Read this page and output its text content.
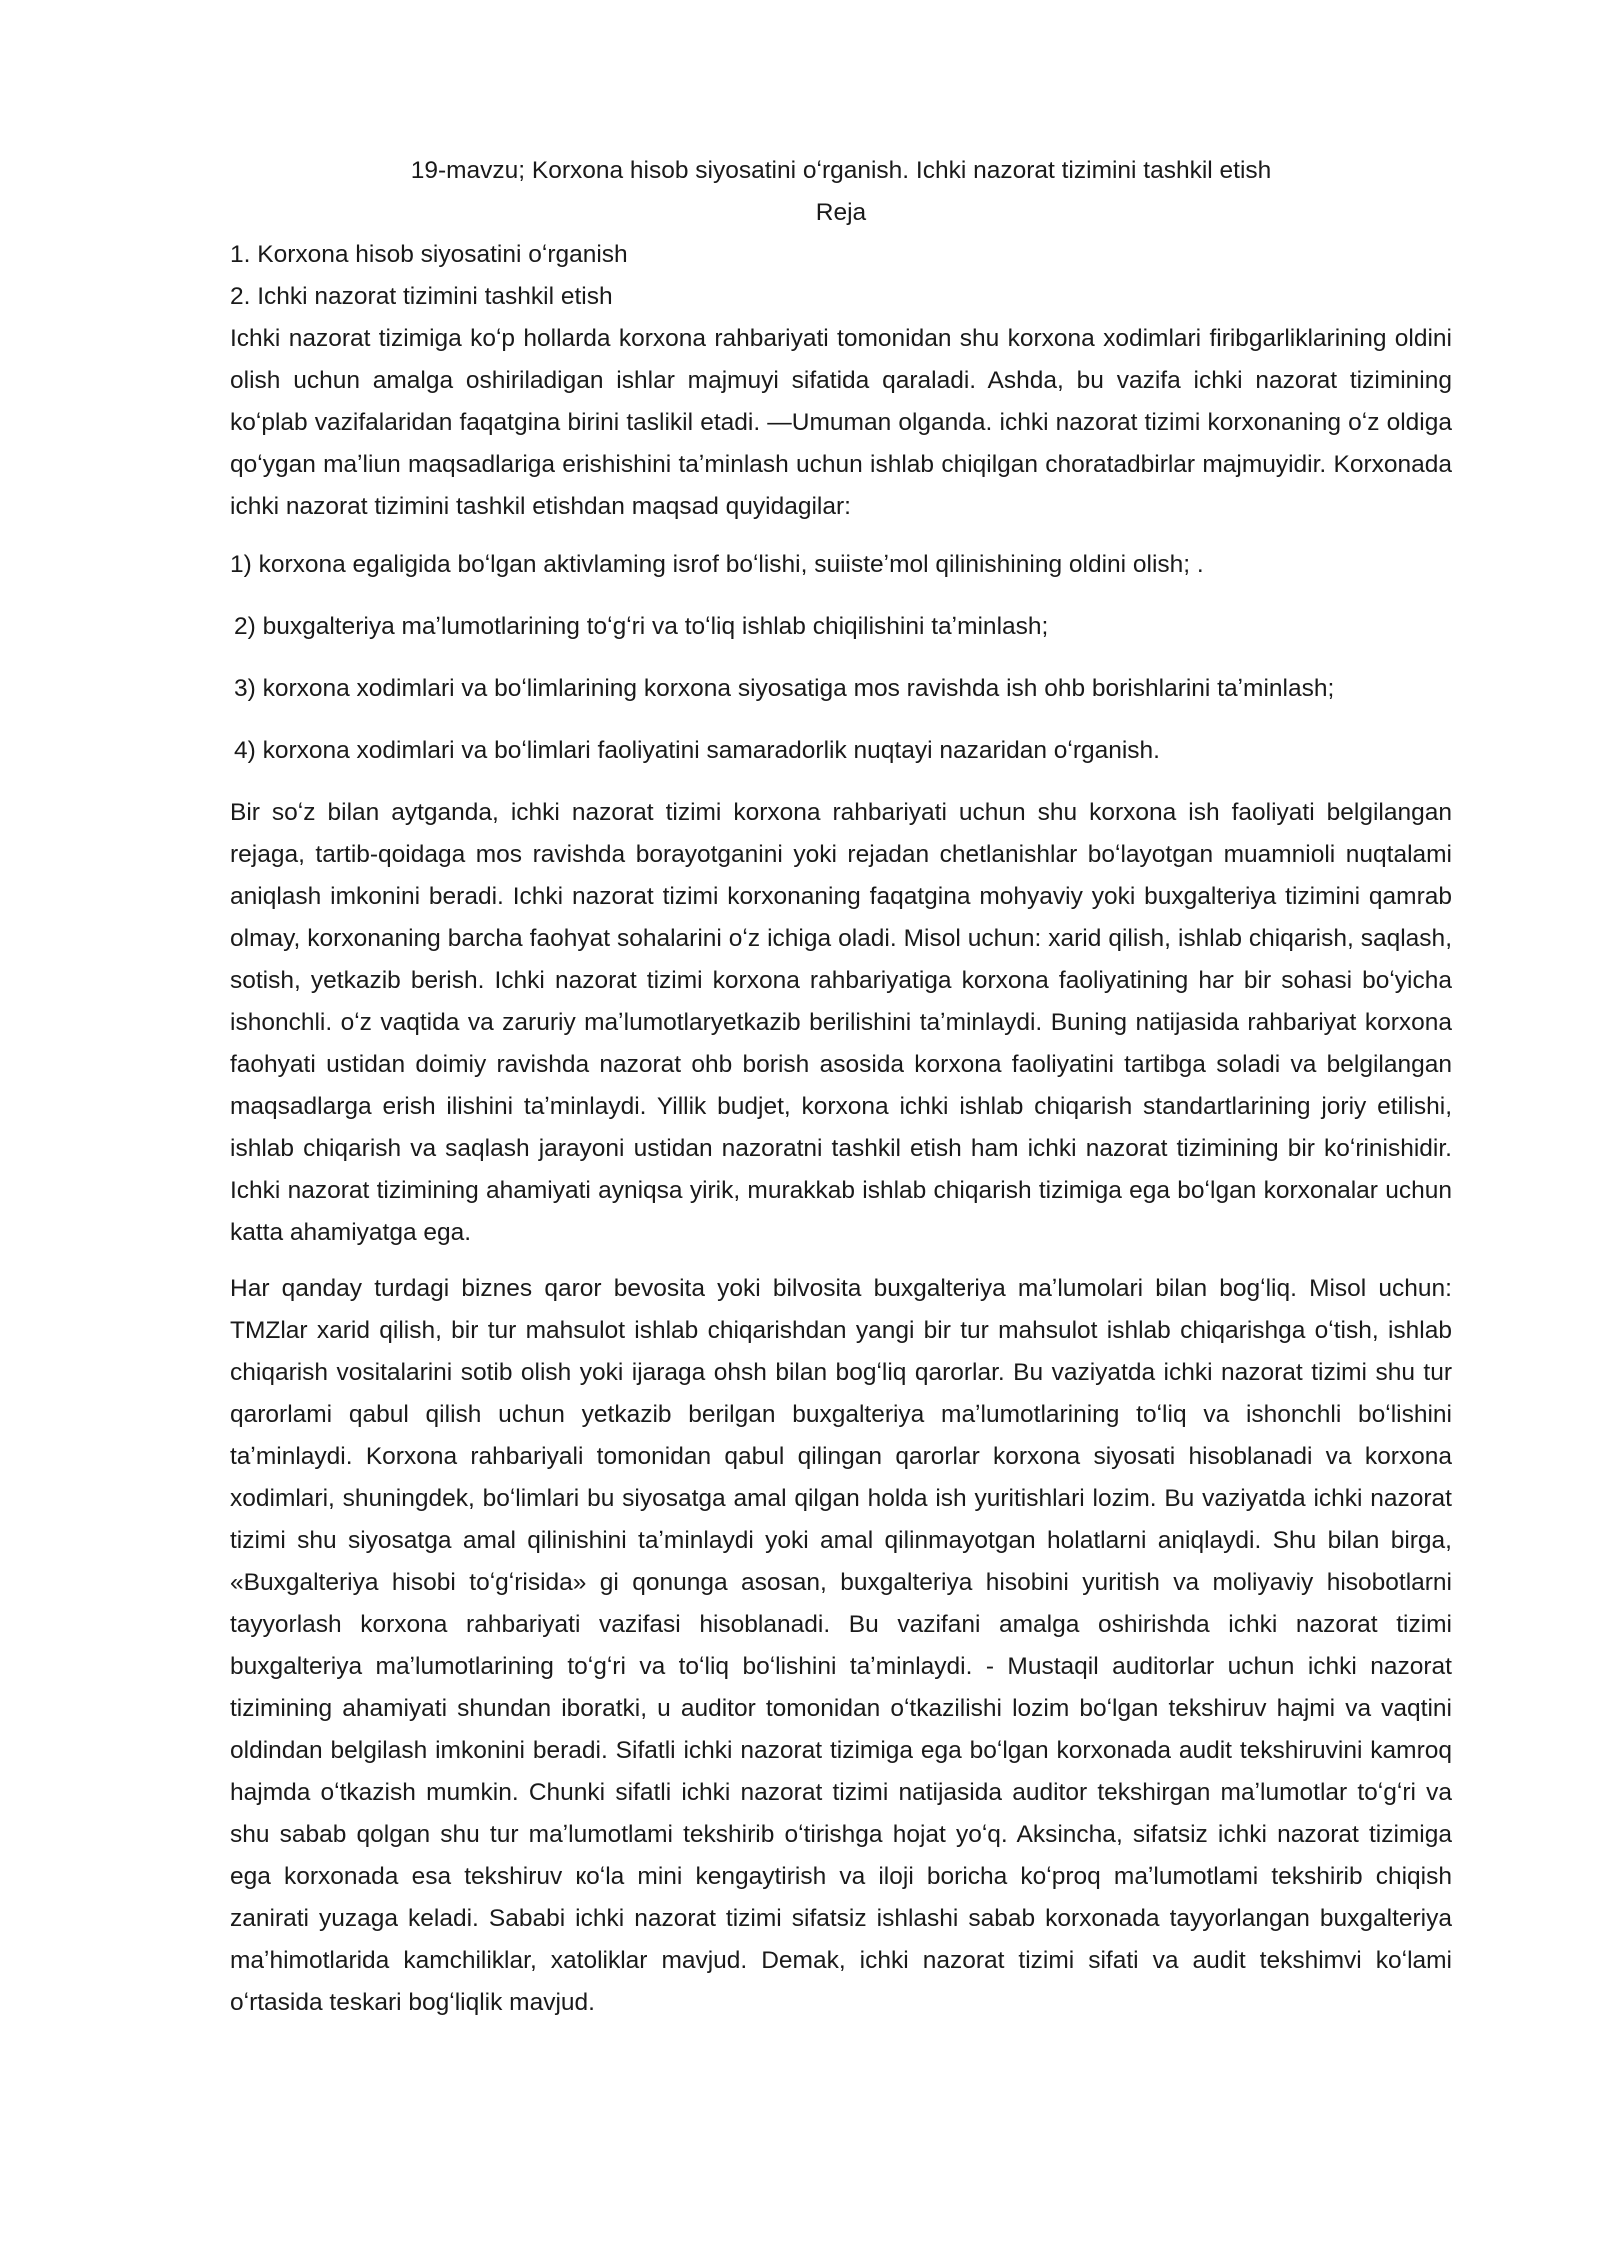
19-mavzu; Korxona hisob siyosatini oʻrganish. Ichki nazorat tizimini tashkil etish

Reja

1. Korxona hisob siyosatini oʻrganish

2. Ichki nazorat tizimini tashkil etish

Ichki nazorat tizimiga koʻp hollarda korxona rahbariyati tomonidan shu korxona xodimlari firibgarliklarining oldini olish uchun amalga oshiriladigan ishlar majmuyi sifatida qaraladi. Ashda, bu vazifa ichki nazorat tizimining koʻplab vazifalaridan faqatgina birini taslikil etadi. —Umuman olganda. ichki nazorat tizimi korxonaning oʻz oldiga qoʻygan maʼliun maqsadlariga erishishini taʼminlash uchun ishlab chiqilgan choratadbirlar majmuyidir. Korxonada ichki nazorat tizimini tashkil etishdan maqsad quyidagilar:

1) korxona egaligida boʻlgan aktivlaming isrof boʻlishi, suiisteʼmol qilinishining oldini olish; .
2) buxgalteriya maʼlumotlarining toʻgʻri va toʻliq ishlab chiqilishini taʼminlash;
3) korxona xodimlari va boʻlimlarining korxona siyosatiga mos ravishda ish ohb borishlarini taʼminlash;
4) korxona xodimlari va boʻlimlari faoliyatini samaradorlik nuqtayi nazaridan oʻrganish.

Bir soʻz bilan aytganda, ichki nazorat tizimi korxona rahbariyati uchun shu korxona ish faoliyati belgilangan rejaga, tartib-qoidaga mos ravishda borayotganini yoki rejadan chetlanishlar boʻlayotgan muamnioli nuqtalami aniqlash imkonini beradi. Ichki nazorat tizimi korxonaning faqatgina mohyaviy yoki buxgalteriya tizimini qamrab olmay, korxonaning barcha faohyat sohalarini oʻz ichiga oladi. Misol uchun: xarid qilish, ishlab chiqarish, saqlash, sotish, yetkazib berish. Ichki nazorat tizimi korxona rahbariyatiga korxona faoliyatining har bir sohasi boʻyicha ishonchli. oʻz vaqtida va zaruriy maʼlumotlaryetkazib berilishini taʼminlaydi. Buning natijasida rahbariyat korxona faohyati ustidan doimiy ravishda nazorat ohb borish asosida korxona faoliyatini tartibga soladi va belgilangan maqsadlarga erish ilishini taʼminlaydi. Yillik budjet, korxona ichki ishlab chiqarish standartlarining joriy etilishi, ishlab chiqarish va saqlash jarayoni ustidan nazoratni tashkil etish ham ichki nazorat tizimining bir koʻrinishidir. Ichki nazorat tizimining ahamiyati ayniqsa yirik, murakkab ishlab chiqarish tizimiga ega boʻlgan korxonalar uchun katta ahamiyatga ega.

Har qanday turdagi biznes qaror bevosita yoki bilvosita buxgalteriya maʼlumolari bilan bogʻliq. Misol uchun: TMZlar xarid qilish, bir tur mahsulot ishlab chiqarishdan yangi bir tur mahsulot ishlab chiqarishga oʻtish, ishlab chiqarish vositalarini sotib olish yoki ijaraga ohsh bilan bogʻliq qarorlar. Bu vaziyatda ichki nazorat tizimi shu tur qarorlami qabul qilish uchun yetkazib berilgan buxgalteriya maʼlumotlarining toʻliq va ishonchli boʻlishini taʼminlaydi. Korxona rahbariyali tomonidan qabul qilingan qarorlar korxona siyosati hisoblanadi va korxona xodimlari, shuningdek, boʻlimlari bu siyosatga amal qilgan holda ish yuritishlari lozim. Bu vaziyatda ichki nazorat tizimi shu siyosatga amal qilinishini taʼminlaydi yoki amal qilinmayotgan holatlarni aniqlaydi. Shu bilan birga, «Buxgalteriya hisobi toʻgʻrisida» gi qonunga asosan, buxgalteriya hisobini yuritish va moliyaviy hisobotlarni tayyorlash korxona rahbariyati vazifasi hisoblanadi. Bu vazifani amalga oshirishda ichki nazorat tizimi buxgalteriya maʼlumotlarining toʻgʻri va toʻliq boʻlishini taʼminlaydi. - Mustaqil auditorlar uchun ichki nazorat tizimining ahamiyati shundan iboratki, u auditor tomonidan oʻtkazilishi lozim boʻlgan tekshiruv hajmi va vaqtini oldindan belgilash imkonini beradi. Sifatli ichki nazorat tizimiga ega boʻlgan korxonada audit tekshiruvini kamroq hajmda oʻtkazish mumkin. Chunki sifatli ichki nazorat tizimi natijasida auditor tekshirgan maʼlumotlar toʻgʻri va shu sabab qolgan shu tur maʼlumotlami tekshirib oʻtirishga hojat yoʻq. Aksincha, sifatsiz ichki nazorat tizimiga ega korxonada esa tekshiruv кoʻla mini kengaytirish va iloji boricha koʻproq maʼlumotlami tekshirib chiqish zanirati yuzaga keladi. Sababi ichki nazorat tizimi sifatsiz ishlashi sabab korxonada tayyorlangan buxgalteriya maʼhimotlarida kamchiliklar, xatoliklar mavjud. Demak, ichki nazorat tizimi sifati va audit tekshimvi koʻlami oʻrtasida teskari bogʻliqlik mavjud.
